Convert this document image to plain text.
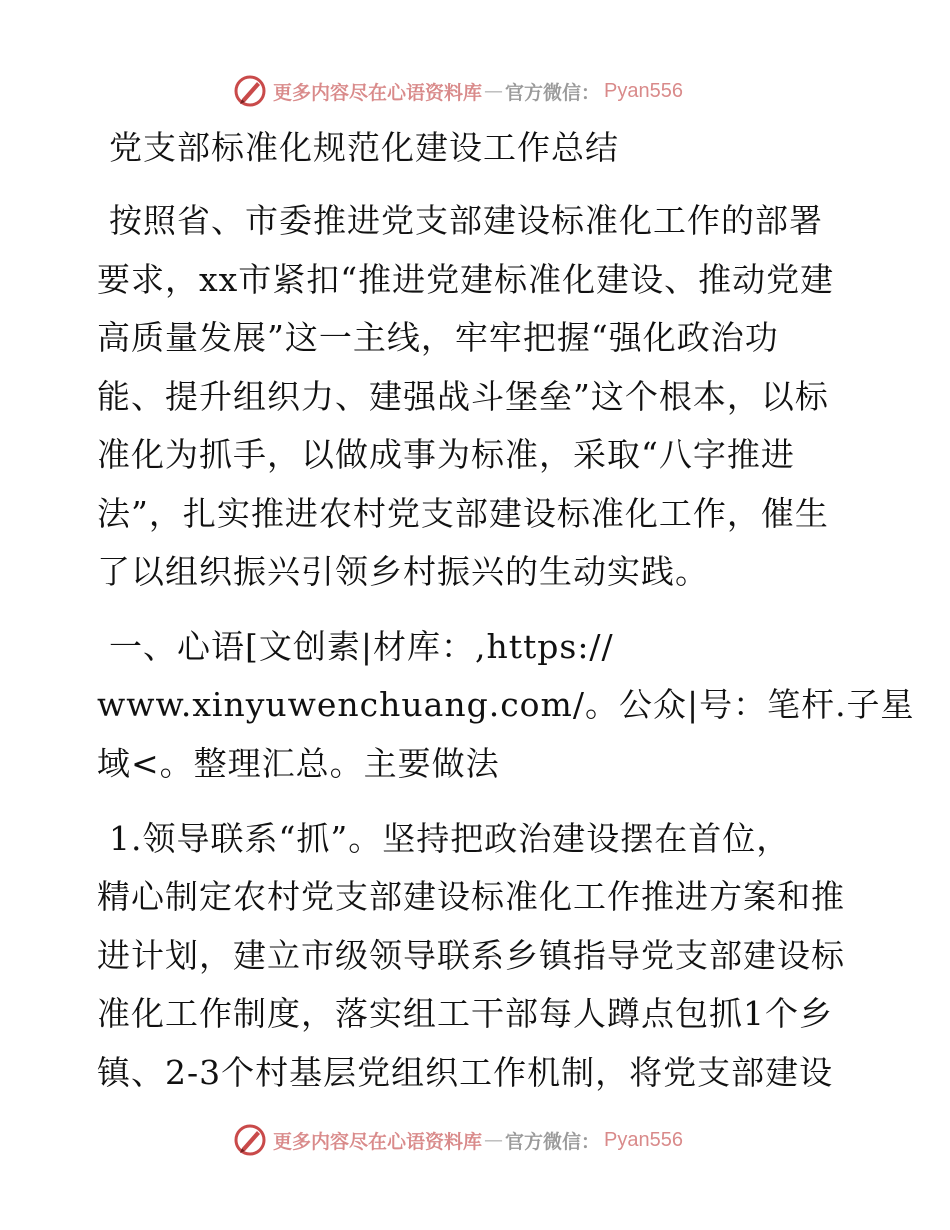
更多内容尽在心语资料库 — 官方微信： Pyan556
党支部标准化规范化建设工作总结
按照省、市委推进党支部建设标准化工作的部署
要求，xx市紧扣“推进党建标准化建设、推动党建
高质量发展”这一主线，牢牢把握“强化政治功
能、提升组织力、建强战斗堡垒”这个根本，以标
准化为抓手，以做成事为标准，采取“八字推进
法”，扎实推进农村党支部建设标准化工作，催生
了以组织振兴引领乡村振兴的生动实践。
一、心语[文创素|材库：,https://
www.xinyuwenchuang.com/。公众|号：笔杆.子星
域<。整理汇总。主要做法
1.领导联系“抓”。坚持把政治建设摆在首位，
精心制定农村党支部建设标准化工作推进方案和推
进计划，建立市级领导联系乡镇指导党支部建设标
准化工作制度，落实组工干部每人蹲点包抓1个乡
镇、2-3个村基层党组织工作机制，将党支部建设
更多内容尽在心语资料库 — 官方微信： Pyan556
